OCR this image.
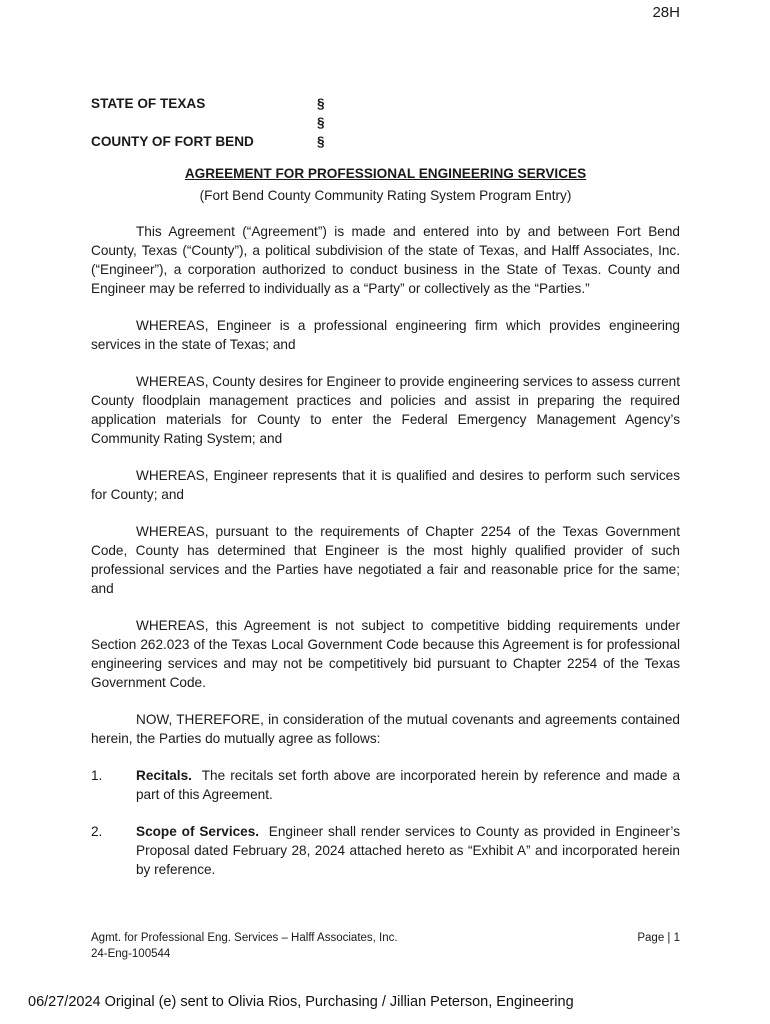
28H
STATE OF TEXAS	§
§
COUNTY OF FORT BEND	§
AGREEMENT FOR PROFESSIONAL ENGINEERING SERVICES
(Fort Bend County Community Rating System Program Entry)

This Agreement (“Agreement”) is made and entered into by and between Fort Bend County, Texas (“County”), a political subdivision of the state of Texas, and Halff Associates, Inc. (“Engineer”), a corporation authorized to conduct business in the State of Texas. County and Engineer may be referred to individually as a “Party” or collectively as the “Parties.”

WHEREAS, Engineer is a professional engineering firm which provides engineering services in the state of Texas; and

WHEREAS, County desires for Engineer to provide engineering services to assess current County floodplain management practices and policies and assist in preparing the required application materials for County to enter the Federal Emergency Management Agency’s Community Rating System; and

WHEREAS, Engineer represents that it is qualified and desires to perform such services for County; and

WHEREAS, pursuant to the requirements of Chapter 2254 of the Texas Government Code, County has determined that Engineer is the most highly qualified provider of such professional services and the Parties have negotiated a fair and reasonable price for the same; and

WHEREAS, this Agreement is not subject to competitive bidding requirements under Section 262.023 of the Texas Local Government Code because this Agreement is for professional engineering services and may not be competitively bid pursuant to Chapter 2254 of the Texas Government Code.

NOW, THEREFORE, in consideration of the mutual covenants and agreements contained herein, the Parties do mutually agree as follows:

1.	Recitals. The recitals set forth above are incorporated herein by reference and made a part of this Agreement.
2.	Scope of Services. Engineer shall render services to County as provided in Engineer’s Proposal dated February 28, 2024 attached hereto as “Exhibit A” and incorporated herein by reference.
Agmt. for Professional Eng. Services – Halff Associates, Inc.
24-Eng-100544
Page | 1
06/27/2024 Original (e) sent to Olivia Rios, Purchasing / Jillian Peterson, Engineering
